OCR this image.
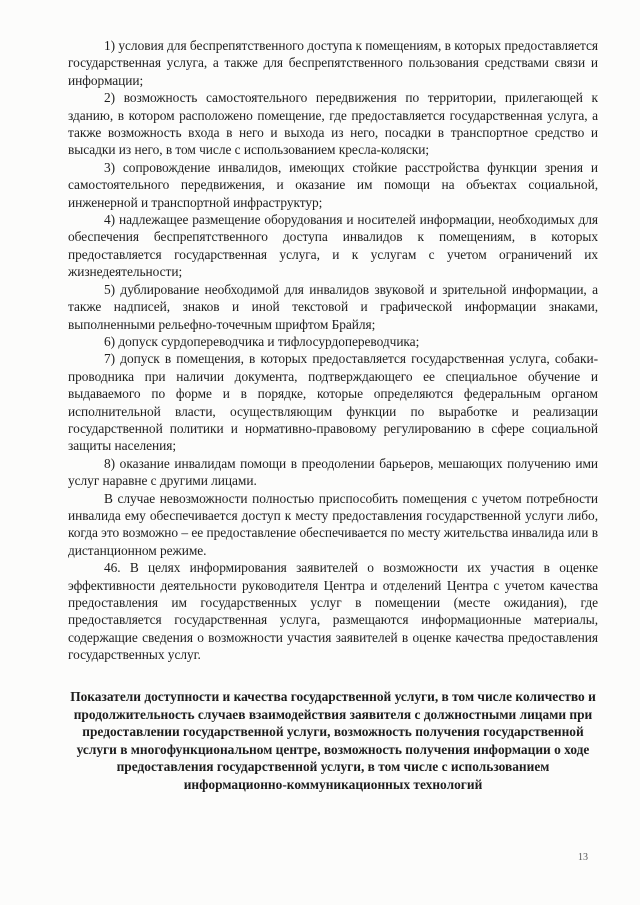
1) условия для беспрепятственного доступа к помещениям, в которых предоставляется государственная услуга, а также для беспрепятственного пользования средствами связи и информации;

2) возможность самостоятельного передвижения по территории, прилегающей к зданию, в котором расположено помещение, где предоставляется государственная услуга, а также возможность входа в него и выхода из него, посадки в транспортное средство и высадки из него, в том числе с использованием кресла-коляски;

3) сопровождение инвалидов, имеющих стойкие расстройства функции зрения и самостоятельного передвижения, и оказание им помощи на объектах социальной, инженерной и транспортной инфраструктур;

4) надлежащее размещение оборудования и носителей информации, необходимых для обеспечения беспрепятственного доступа инвалидов к помещениям, в которых предоставляется государственная услуга, и к услугам с учетом ограничений их жизнедеятельности;

5) дублирование необходимой для инвалидов звуковой и зрительной информации, а также надписей, знаков и иной текстовой и графической информации знаками, выполненными рельефно-точечным шрифтом Брайля;

6) допуск сурдопереводчика и тифлосурдопереводчика;

7) допуск в помещения, в которых предоставляется государственная услуга, собаки-проводника при наличии документа, подтверждающего ее специальное обучение и выдаваемого по форме и в порядке, которые определяются федеральным органом исполнительной власти, осуществляющим функции по выработке и реализации государственной политики и нормативно-правовому регулированию в сфере социальной защиты населения;

8) оказание инвалидам помощи в преодолении барьеров, мешающих получению ими услуг наравне с другими лицами.

В случае невозможности полностью приспособить помещения с учетом потребности инвалида ему обеспечивается доступ к месту предоставления государственной услуги либо, когда это возможно – ее предоставление обеспечивается по месту жительства инвалида или в дистанционном режиме.

46. В целях информирования заявителей о возможности их участия в оценке эффективности деятельности руководителя Центра и отделений Центра с учетом качества предоставления им государственных услуг в помещении (месте ожидания), где предоставляется государственная услуга, размещаются информационные материалы, содержащие сведения о возможности участия заявителей в оценке качества предоставления государственных услуг.

Показатели доступности и качества государственной услуги, в том числе количество и продолжительность случаев взаимодействия заявителя с должностными лицами при предоставлении государственной услуги, возможность получения государственной услуги в многофункциональном центре, возможность получения информации о ходе предоставления государственной услуги, в том числе с использованием информационно-коммуникационных технологий

13
